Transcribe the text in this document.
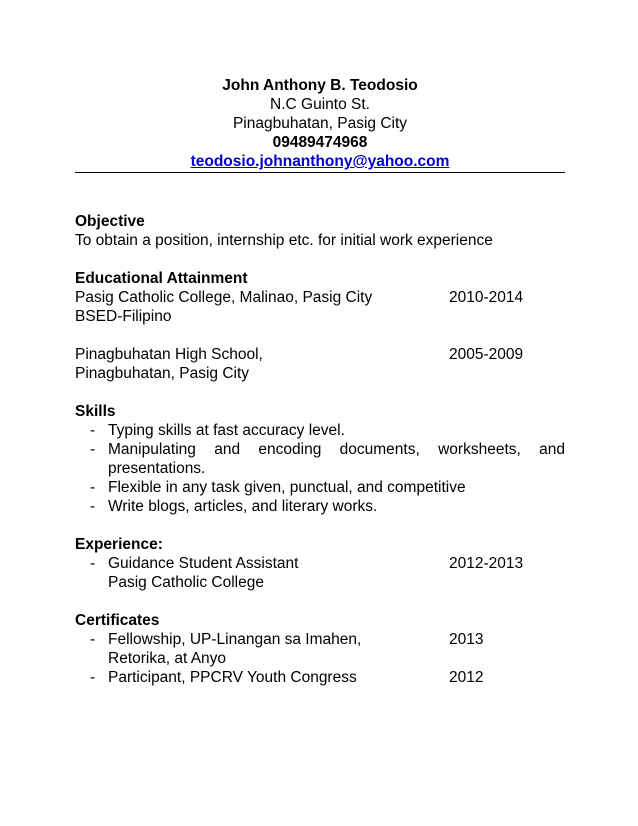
John Anthony B. Teodosio
N.C Guinto St.
Pinagbuhatan, Pasig City
09489474968
teodosio.johnanthony@yahoo.com
Objective
To obtain a position, internship etc. for initial work experience
Educational Attainment
Pasig Catholic College, Malinao, Pasig City	2010-2014
BSED-Filipino
Pinagbuhatan High School,	2005-2009
Pinagbuhatan, Pasig City
Skills
- Typing skills at fast accuracy level.
- Manipulating and encoding documents, worksheets, and presentations.
- Flexible in any task given, punctual, and competitive
- Write blogs, articles, and literary works.
Experience:
- Guidance Student Assistant	2012-2013
Pasig Catholic College
Certificates
- Fellowship, UP-Linangan sa Imahen,	2013
Retorika, at Anyo
- Participant, PPCRV Youth Congress	2012
